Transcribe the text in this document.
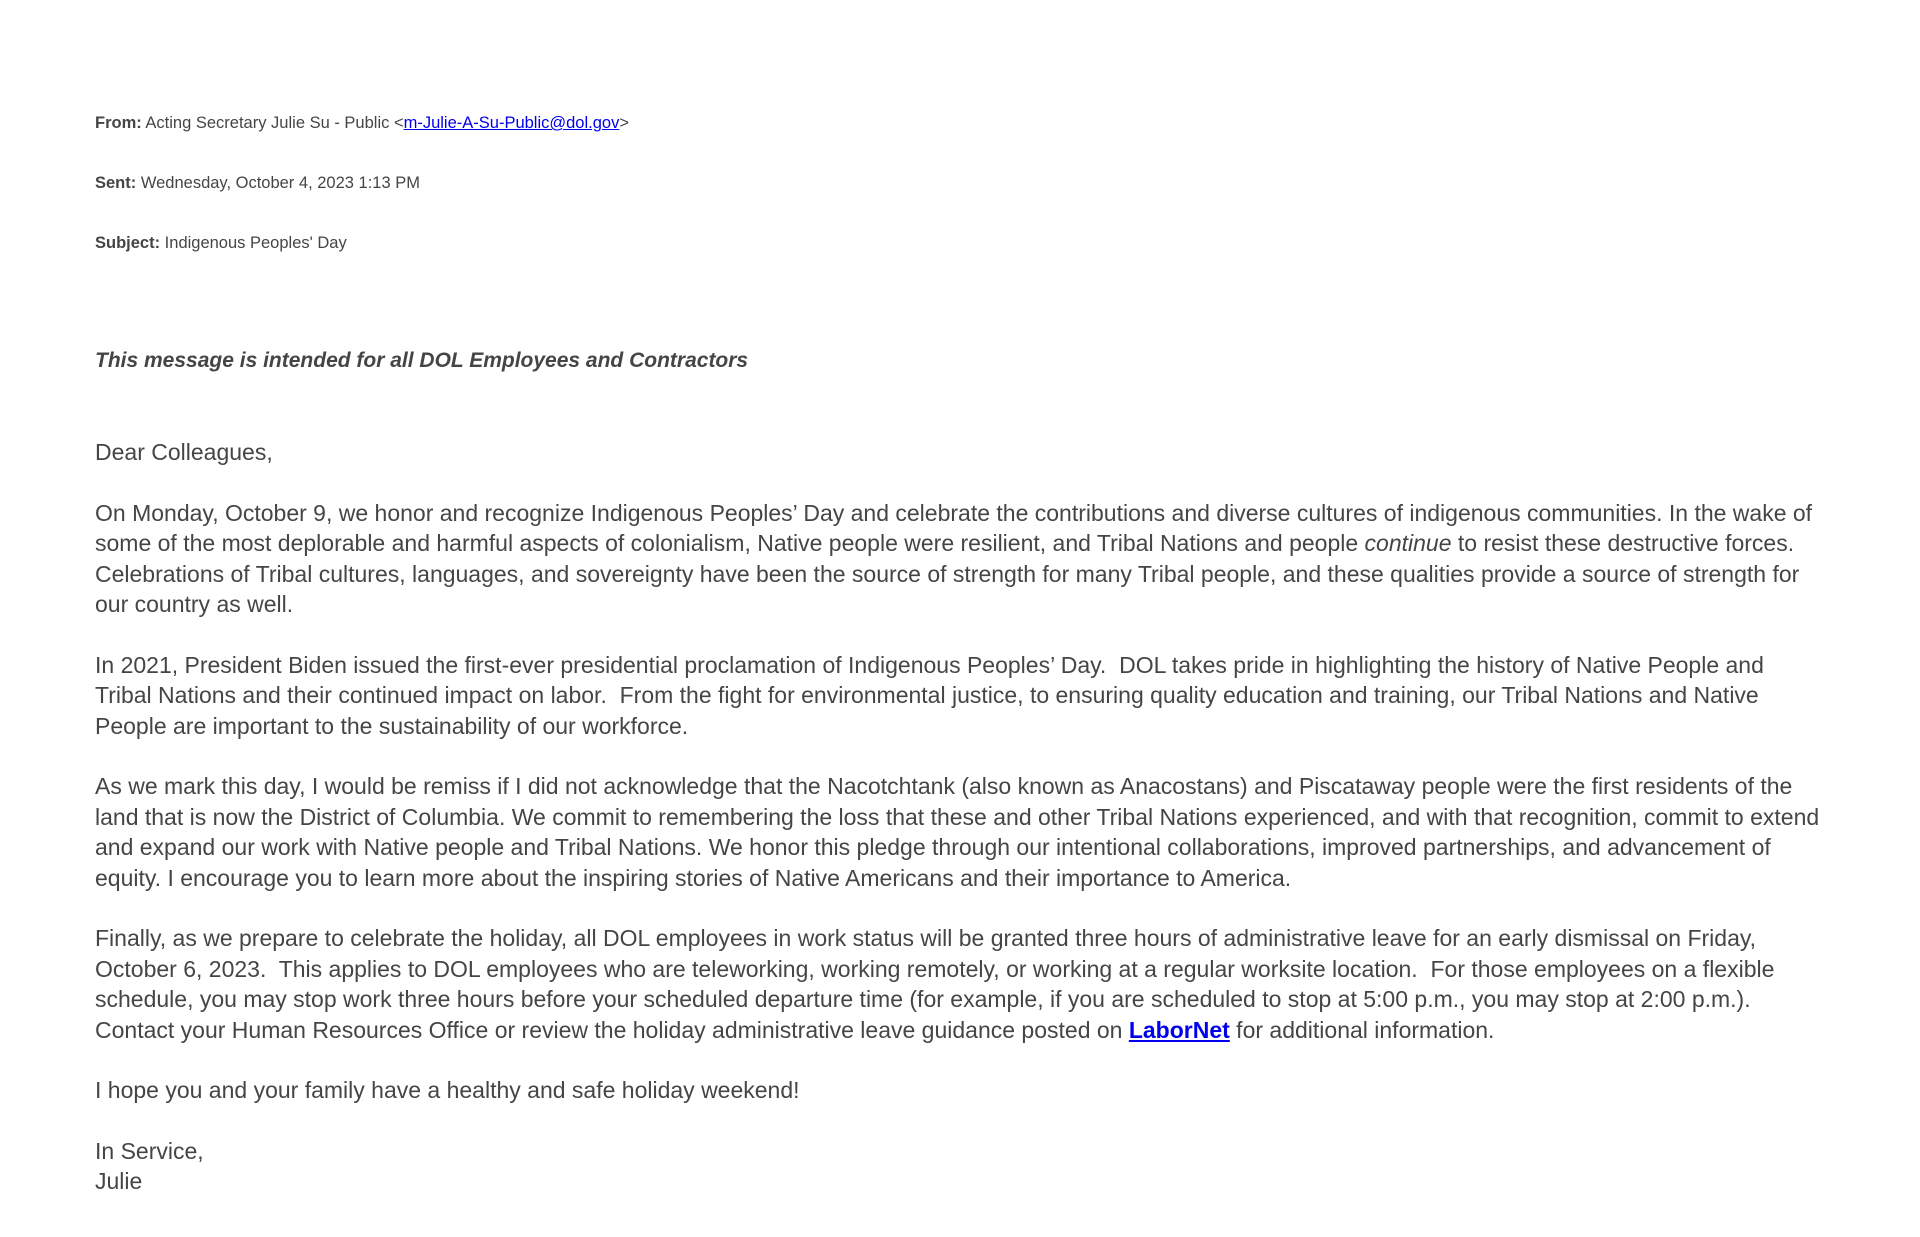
From: Acting Secretary Julie Su - Public <m-Julie-A-Su-Public@dol.gov>

Sent: Wednesday, October 4, 2023 1:13 PM

Subject: Indigenous Peoples' Day

This message is intended for all DOL Employees and Contractors

Dear Colleagues,

On Monday, October 9, we honor and recognize Indigenous Peoples’ Day and celebrate the contributions and diverse cultures of indigenous communities. In the wake of some of the most deplorable and harmful aspects of colonialism, Native people were resilient, and Tribal Nations and people continue to resist these destructive forces. Celebrations of Tribal cultures, languages, and sovereignty have been the source of strength for many Tribal people, and these qualities provide a source of strength for our country as well.

In 2021, President Biden issued the first-ever presidential proclamation of Indigenous Peoples’ Day.  DOL takes pride in highlighting the history of Native People and Tribal Nations and their continued impact on labor.  From the fight for environmental justice, to ensuring quality education and training, our Tribal Nations and Native People are important to the sustainability of our workforce.

As we mark this day, I would be remiss if I did not acknowledge that the Nacotchtank (also known as Anacostans) and Piscataway people were the first residents of the land that is now the District of Columbia. We commit to remembering the loss that these and other Tribal Nations experienced, and with that recognition, commit to extend and expand our work with Native people and Tribal Nations. We honor this pledge through our intentional collaborations, improved partnerships, and advancement of equity. I encourage you to learn more about the inspiring stories of Native Americans and their importance to America.

Finally, as we prepare to celebrate the holiday, all DOL employees in work status will be granted three hours of administrative leave for an early dismissal on Friday, October 6, 2023.  This applies to DOL employees who are teleworking, working remotely, or working at a regular worksite location.  For those employees on a flexible schedule, you may stop work three hours before your scheduled departure time (for example, if you are scheduled to stop at 5:00 p.m., you may stop at 2:00 p.m.).  Contact your Human Resources Office or review the holiday administrative leave guidance posted on LaborNet for additional information.

I hope you and your family have a healthy and safe holiday weekend!

In Service,
Julie
